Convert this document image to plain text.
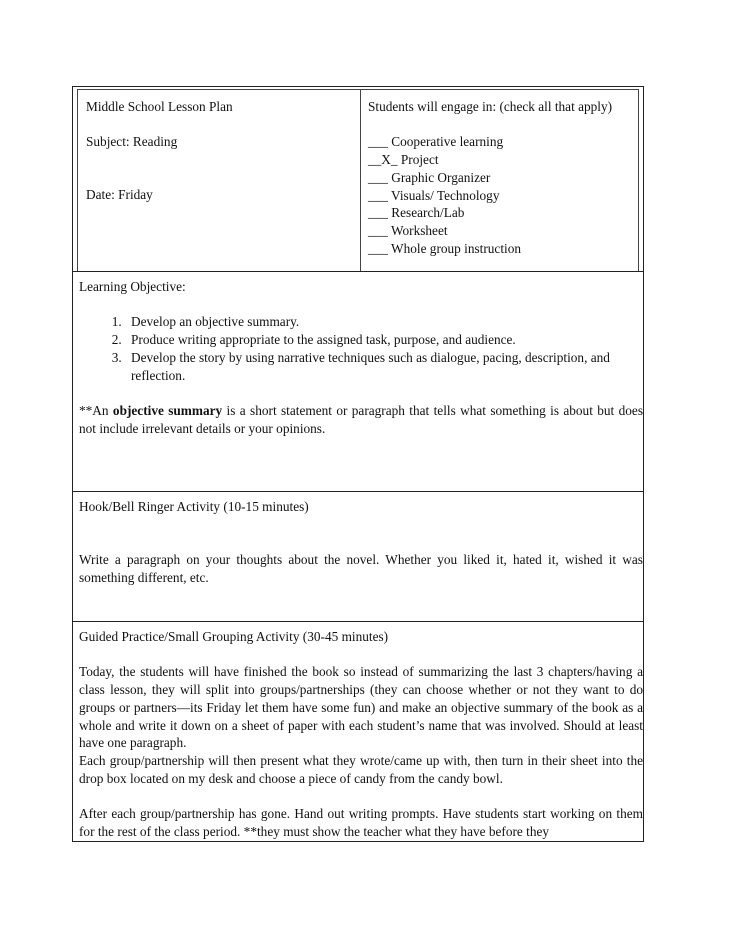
Middle School Lesson Plan
Subject: Reading
Date: Friday
Students will engage in: (check all that apply)
___ Cooperative learning
__X_ Project
___ Graphic Organizer
___ Visuals/ Technology
___ Research/Lab
___ Worksheet
___ Whole group instruction

Learning Objective:

1. Develop an objective summary.
2. Produce writing appropriate to the assigned task, purpose, and audience.
3. Develop the story by using narrative techniques such as dialogue, pacing, description, and reflection.

**An objective summary is a short statement or paragraph that tells what something is about but does not include irrelevant details or your opinions.

Hook/Bell Ringer Activity (10-15 minutes)

Write a paragraph on your thoughts about the novel. Whether you liked it, hated it, wished it was something different, etc.

Guided Practice/Small Grouping Activity (30-45 minutes)

Today, the students will have finished the book so instead of summarizing the last 3 chapters/having a class lesson, they will split into groups/partnerships (they can choose whether or not they want to do groups or partners—its Friday let them have some fun) and make an objective summary of the book as a whole and write it down on a sheet of paper with each student’s name that was involved. Should at least have one paragraph.

Each group/partnership will then present what they wrote/came up with, then turn in their sheet into the drop box located on my desk and choose a piece of candy from the candy bowl.

After each group/partnership has gone. Hand out writing prompts. Have students start working on them for the rest of the class period. **they must show the teacher what they have before they
